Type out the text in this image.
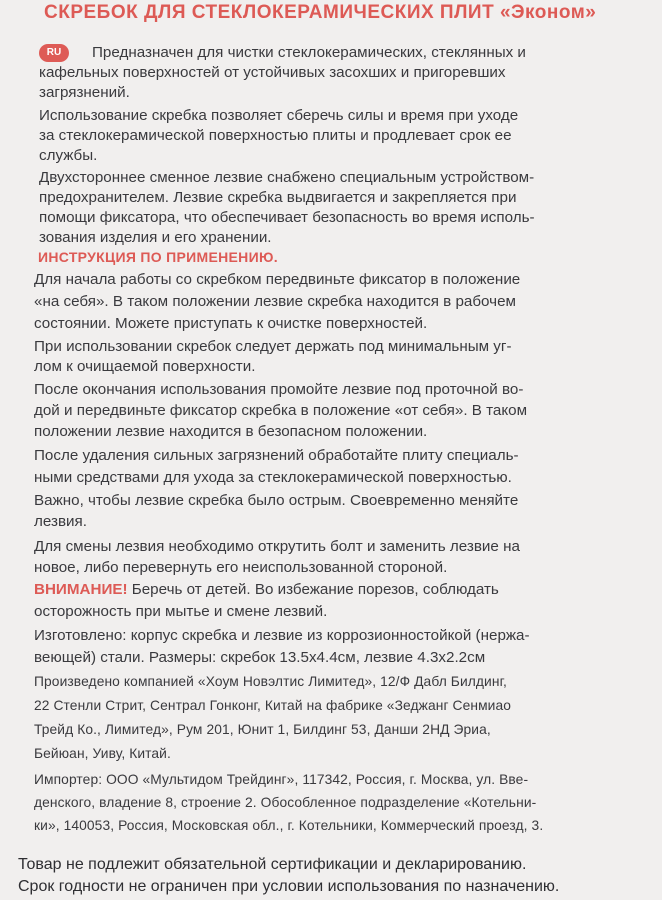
СКРЕБОК ДЛЯ СТЕКЛОКЕРАМИЧЕСКИХ ПЛИТ «Эконом»
RU	Предназначен для чистки стеклокерамических, стеклянных и
кафельных поверхностей от устойчивых засохших и пригоревших
загрязнений.
Использование скребка позволяет сберечь силы и время при уходе
за стеклокерамической поверхностью плиты и продлевает срок ее
службы.
Двухстороннее сменное лезвие снабжено специальным устройством-
предохранителем. Лезвие скребка выдвигается и закрепляется при
помощи фиксатора, что обеспечивает безопасность во время исполь-
зования изделия и его хранении.
ИНСТРУКЦИЯ ПО ПРИМЕНЕНИЮ.
Для начала работы со скребком передвиньте фиксатор в положение
«на себя». В таком положении лезвие скребка находится в рабочем
состоянии. Можете приступать к очистке поверхностей.
При использовании скребок следует держать под минимальным уг-
лом к очищаемой поверхности.
После окончания использования промойте лезвие под проточной во-
дой и передвиньте фиксатор скребка в положение «от себя». В таком
положении лезвие находится в безопасном положении.
После удаления сильных загрязнений обработайте плиту специаль-
ными средствами для ухода за стеклокерамической поверхностью.
Важно, чтобы лезвие скребка было острым. Своевременно меняйте
лезвия.
Для смены лезвия необходимо открутить болт и заменить лезвие на
новое, либо перевернуть его неиспользованной стороной.
ВНИМАНИЕ! Беречь от детей. Во избежание порезов, соблюдать
осторожность при мытье и смене лезвий.
Изготовлено: корпус скребка и лезвие из коррозионностойкой (нержа-
веющей) стали. Размеры: скребок 13.5х4.4см, лезвие 4.3х2.2см
Произведено компанией «Хоум Новэлтис Лимитед», 12/Ф Дабл Билдинг,
22 Стенли Стрит, Сентрал Гонконг, Китай на фабрике «Зеджанг Сенмиао
Трейд Ко., Лимитед», Рум 201, Юнит 1, Билдинг 53, Данши 2НД Эриа,
Бейюан, Уиву, Китай.
Импортер: ООО «Мультидом Трейдинг», 117342, Россия, г. Москва, ул. Вве-
денского, владение 8, строение 2. Обособленное подразделение «Котельни-
ки», 140053, Россия, Московская обл., г. Котельники, Коммерческий проезд, 3.
Товар не подлежит обязательной сертификации и декларированию.
Срок годности не ограничен при условии использования по назначению.
